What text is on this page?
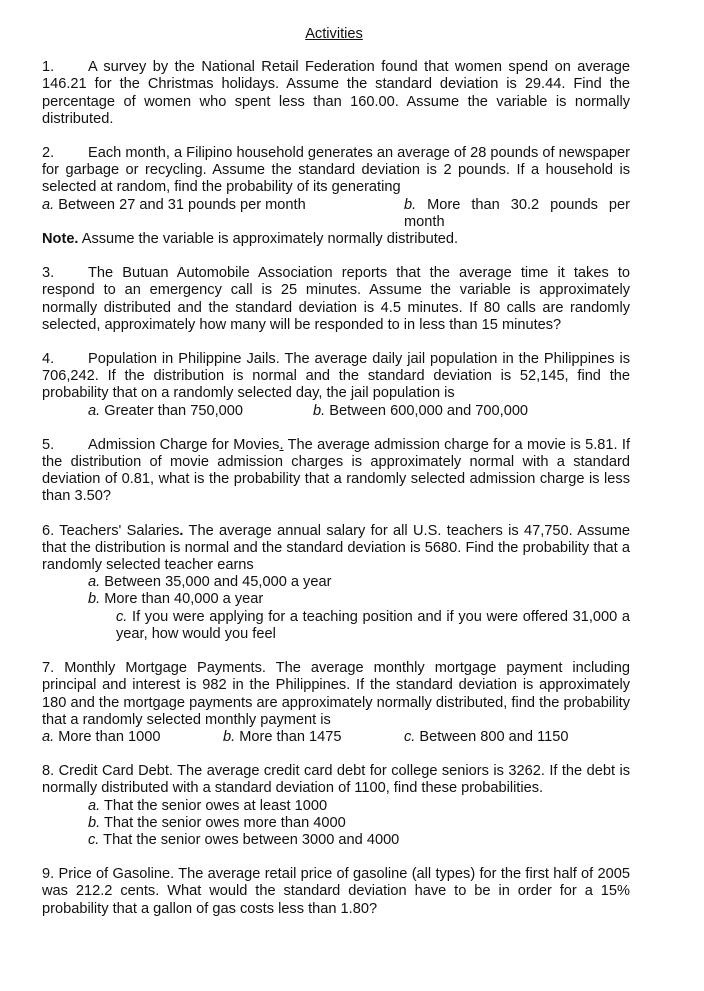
Activities
1. A survey by the National Retail Federation found that women spend on average 146.21 for the Christmas holidays. Assume the standard deviation is 29.44. Find the percentage of women who spent less than 160.00. Assume the variable is normally distributed.
2. Each month, a Filipino household generates an average of 28 pounds of newspaper for garbage or recycling. Assume the standard deviation is 2 pounds. If a household is selected at random, find the probability of its generating
a. Between 27 and 31 pounds per month	b. More than 30.2 pounds per month
Note. Assume the variable is approximately normally distributed.
3. The Butuan Automobile Association reports that the average time it takes to respond to an emergency call is 25 minutes. Assume the variable is approximately normally distributed and the standard deviation is 4.5 minutes. If 80 calls are randomly selected, approximately how many will be responded to in less than 15 minutes?
4. Population in Philippine Jails. The average daily jail population in the Philippines is 706,242. If the distribution is normal and the standard deviation is 52,145, find the probability that on a randomly selected day, the jail population is
a. Greater than 750,000	b. Between 600,000 and 700,000
5. Admission Charge for Movies. The average admission charge for a movie is 5.81. If the distribution of movie admission charges is approximately normal with a standard deviation of 0.81, what is the probability that a randomly selected admission charge is less than 3.50?
6. Teachers' Salaries. The average annual salary for all U.S. teachers is 47,750. Assume that the distribution is normal and the standard deviation is 5680. Find the probability that a randomly selected teacher earns
a. Between 35,000 and 45,000 a year
b. More than 40,000 a year
c. If you were applying for a teaching position and if you were offered 31,000 a year, how would you feel
7. Monthly Mortgage Payments. The average monthly mortgage payment including principal and interest is 982 in the Philippines. If the standard deviation is approximately 180 and the mortgage payments are approximately normally distributed, find the probability that a randomly selected monthly payment is
a. More than 1000	b. More than 1475	c. Between 800 and 1150
8. Credit Card Debt. The average credit card debt for college seniors is 3262. If the debt is normally distributed with a standard deviation of 1100, find these probabilities.
a. That the senior owes at least 1000
b. That the senior owes more than 4000
c. That the senior owes between 3000 and 4000
9. Price of Gasoline. The average retail price of gasoline (all types) for the first half of 2005 was 212.2 cents. What would the standard deviation have to be in order for a 15% probability that a gallon of gas costs less than 1.80?
